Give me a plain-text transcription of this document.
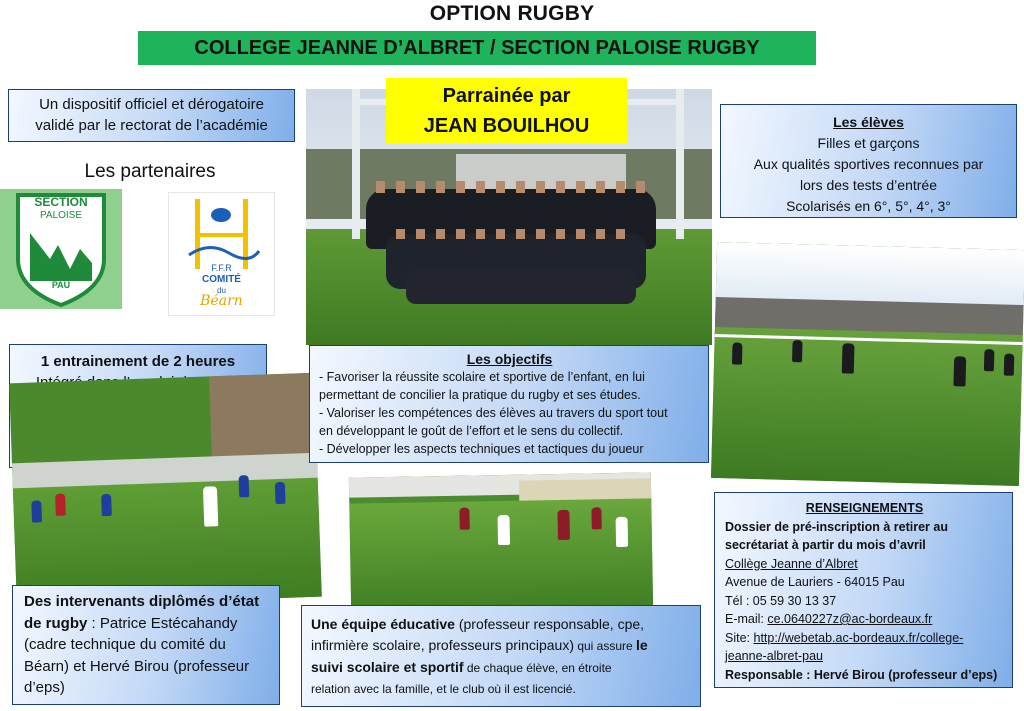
OPTION RUGBY
COLLEGE JEANNE D’ALBRET / SECTION PALOISE RUGBY
Un dispositif officiel et dérogatoire
validé par le rectorat de l’académie
Les partenaires
SECTION
PALOISE
PAU
F.F.R
COMITÉ
du
Béarn
Parrainée par
JEAN BOUILHOU	Les élèves
Filles et garçons
Aux qualités sportives reconnues par
lors des tests d’entrée
Scolarisés en 6°, 5°, 4°, 3°
1 entrainement de 2 heures	Les objectifs
- Favoriser la réussite scolaire et sportive de l’enfant, en lui
permettant de concilier la pratique du rugby et ses études.
- Valoriser les compétences des élèves au travers du sport tout
en développant le goût de l’effort et le sens du collectif.
- Développer les aspects techniques et tactiques du joueur
RENSEIGNEMENTS
Dossier de pré-inscription à retirer au
secrétariat à partir du mois d’avril
Collège Jeanne d’Albret
Avenue de Lauriers - 64015 Pau
Tél : 05 59 30 13 37
E-mail: ce.0640227z@ac-bordeaux.fr
Site: http://webetab.ac-bordeaux.fr/college-
jeanne-albret-pau
Responsable : Hervé Birou (professeur d’eps)
Des intervenants diplômés d’état
de rugby : Patrice Estécahandy
(cadre technique du comité du
Béarn) et Hervé Birou (professeur
d’eps)
Une équipe éducative (professeur responsable, cpe,
infirmière scolaire, professeurs principaux) qui assure le
suivi scolaire et sportif de chaque élève, en étroite
relation avec la famille, et le club où il est licencié.
